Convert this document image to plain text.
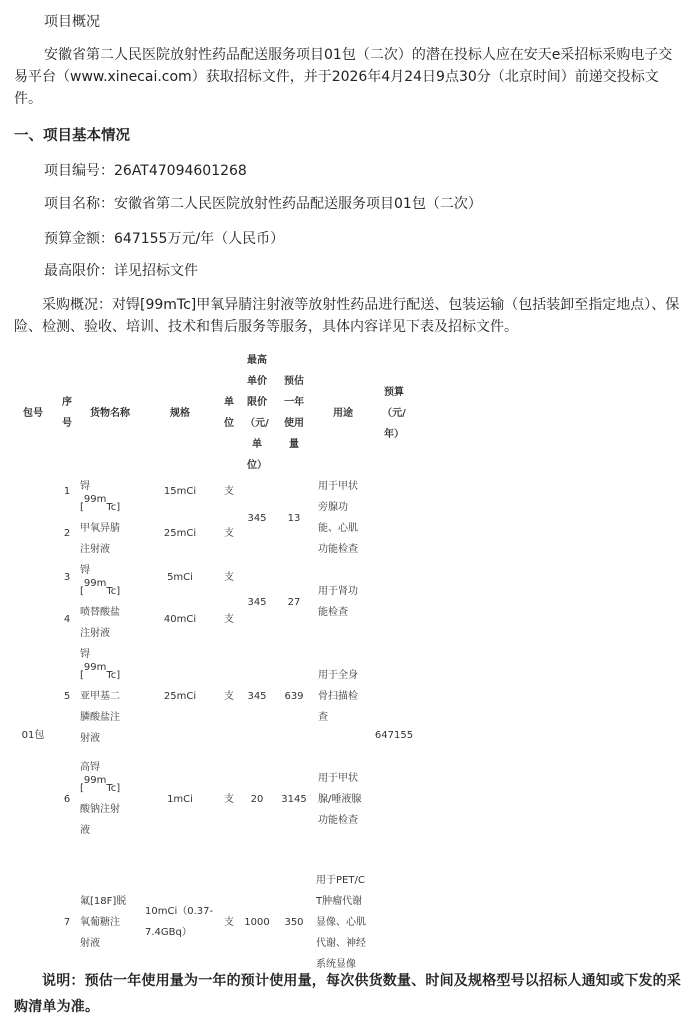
项目概况

安徽省第二人民医院放射性药品配送服务项目01包（二次）的潜在投标人应在安天e采招标采购电子交易平台（www.xinecai.com）获取招标文件，并于2026年4月24日9点30分（北京时间）前递交投标文件。

一、项目基本情况

项目编号：26AT47094601268

项目名称：安徽省第二人民医院放射性药品配送服务项目01包（二次）

预算金额：647155万元/年（人民币）

最高限价：详见招标文件

采购概况：对锝[99mTc]甲氧异腈注射液等放射性药品进行配送、包装运输（包括装卸至指定地点）、保险、检测、验收、培训、技术和售后服务等服务，具体内容详见下表及招标文件。

包号	序号	货物名称	规格	单位	最高单价限价（元/单位）	预估一年使用量	用途	预算（元/年）

01包	1	锝[99mTc]甲氧异腈注射液	15mCi	支	345	13	用于甲状旁腺功能、心肌功能检查	647155
	2		25mCi	支				
	3	锝[99mTc]喷替酸盐注射液	5mCi	支	345	27	用于肾功能检查	

	4		40mCi	支				
	5	锝[99mTc]亚甲基二膦酸盐注射液	25mCi	支	345	639	用于全身骨扫描检查	

	6	高锝[99mTc]酸钠注射液	1mCi	支	20	3145	用于甲状腺/唾液腺功能检查	

	7	氟[18F]脱氧葡糖注射液	10mCi（0.37-7.4GBq）	支	1000	350	用于PET/CT肿瘤代谢显像、心肌代谢、神经系统显像	
说明：预估一年使用量为一年的预计使用量，每次供货数量、时间及规格型号以招标人通知或下发的采购清单为准。
